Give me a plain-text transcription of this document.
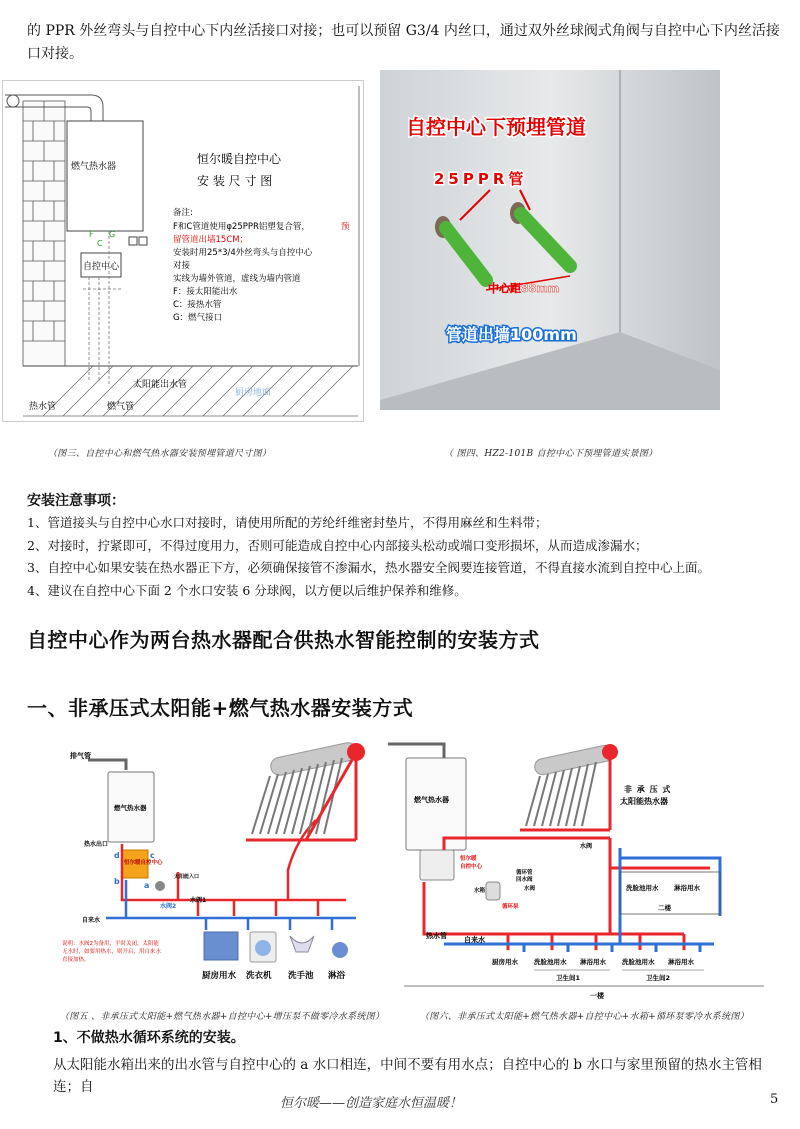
的 PPR 外丝弯头与自控中心下内丝活接口对接；也可以预留 G3/4 内丝口，通过双外丝球阀式角阀与自控中心下内丝活接口对接。
燃气热水器
F
C
G
自控中心
太阳能出水管
热水管	燃气管
厨房地面
恒尔暖自控中心
安 装 尺 寸 图
备注:
F和C管道使用φ25PPR铝塑复合管，	预
留管道出墙15CM；
安装时用25*3/4外丝弯头与自控中心
对接
实线为墙外管道，虚线为墙内管道
F：接太阳能出水
C：接热水管
G：燃气接口
自控中心下预埋管道
25PPR管
中心距88mm
管道出墙100mm
（图三、自控中心和燃气热水器安装预埋管道尺寸图）	（ 图四、HZ2-101B 自控中心下预埋管道实景图）
安装注意事项：
1、管道接头与自控中心水口对接时，请使用所配的芳纶纤维密封垫片，不得用麻丝和生料带；
2、对接时，拧紧即可，不得过度用力，否则可能造成自控中心内部接头松动或端口变形损坏，从而造成渗漏水；
3、自控中心如果安装在热水器正下方，必须确保接管不渗漏水，热水器安全阀要连接管道，不得直接水流到自控中心上面。
4、建议在自控中心下面 2 个水口安装 6 分球阀，以方便以后维护保养和维修。
自控中心作为两台热水器配合供热水智能控制的安装方式
一、非承压式太阳能+燃气热水器安装方式
排气管
燃气热水器
热水出口
恒尔暖自控中心
d	c
b	a
水阀1
水阀2
太阳能入口
自来水
说明：水阀2为备用，平时关闭，太阳能无水时，如要用热水，则开启，用自来水直接加热。
厨房用水 洗衣机 洗手池 淋浴
燃气热水器
非 承 压 式
太阳能热水器
恒尔暖
自控中心
循环管
回水阀
水箱
循环泵
水阀
水阀
洗脸池用水 淋浴用水
二楼
自来水
热水管
厨房用水 洗脸池用水 淋浴用水 洗脸池用水 淋浴用水
卫生间1	卫生间2
一楼
（图五 、非承压式太阳能+燃气热水器+自控中心+增压泵不做零冷水系统图）	（图六、非承压式太阳能+燃气热水器+自控中心+水箱+循环泵零冷水系统图）
1、不做热水循环系统的安装。
从太阳能水箱出来的出水管与自控中心的 a 水口相连，中间不要有用水点；自控中心的 b 水口与家里预留的热水主管相连；自
恒尔暖——创造家庭水恒温暖！	5
